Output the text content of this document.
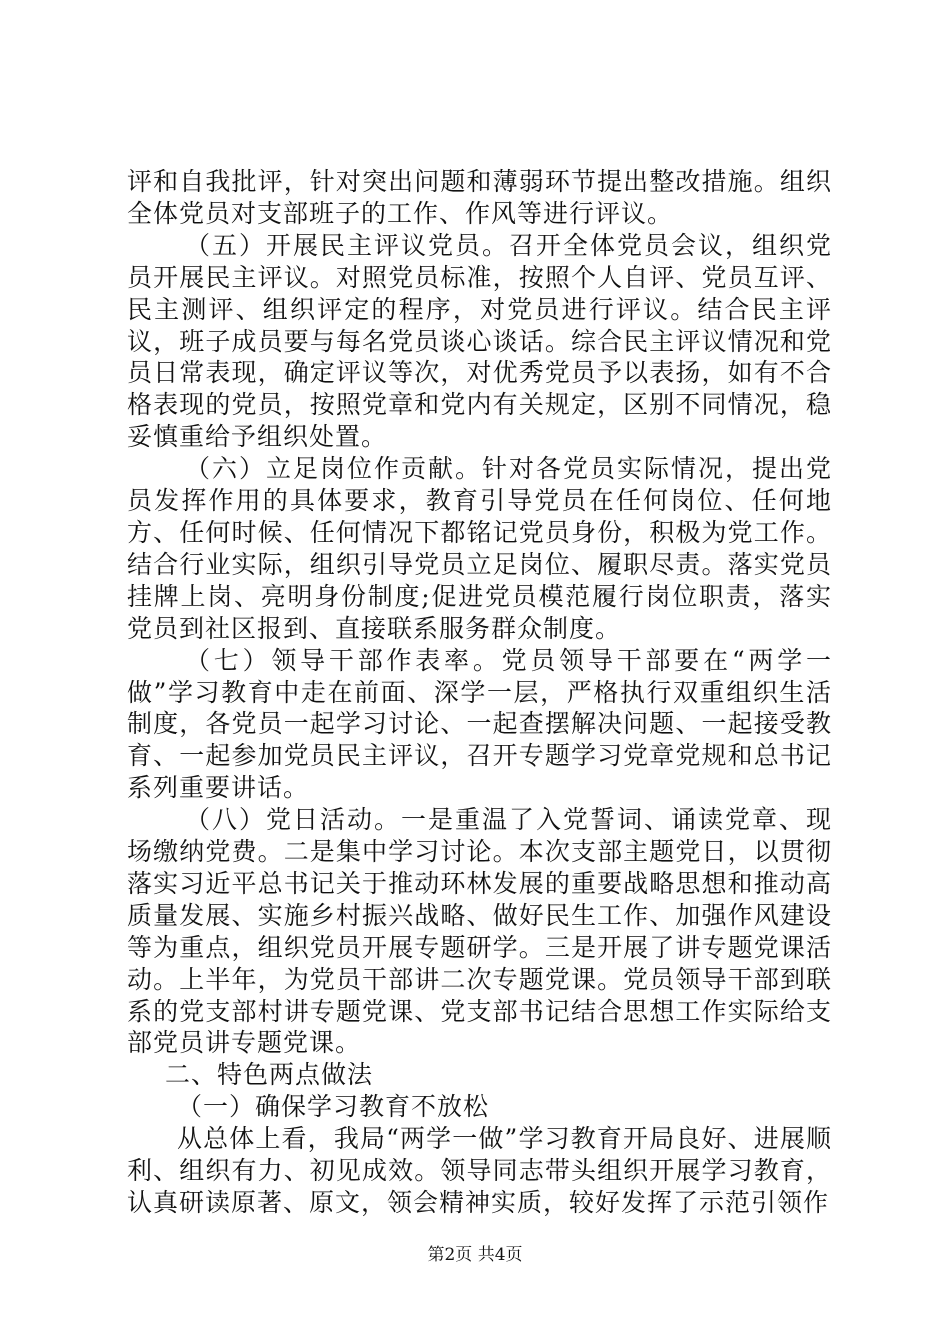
评和自我批评，针对突出问题和薄弱环节提出整改措施。组织全体党员对支部班子的工作、作风等进行评议。

（五）开展民主评议党员。召开全体党员会议，组织党员开展民主评议。对照党员标准，按照个人自评、党员互评、民主测评、组织评定的程序，对党员进行评议。结合民主评议，班子成员要与每名党员谈心谈话。综合民主评议情况和党员日常表现，确定评议等次，对优秀党员予以表扬，如有不合格表现的党员，按照党章和党内有关规定，区别不同情况，稳妥慎重给予组织处置。

（六）立足岗位作贡献。针对各党员实际情况，提出党员发挥作用的具体要求，教育引导党员在任何岗位、任何地方、任何时候、任何情况下都铭记党员身份，积极为党工作。结合行业实际，组织引导党员立足岗位、履职尽责。落实党员挂牌上岗、亮明身份制度;促进党员模范履行岗位职责，落实党员到社区报到、直接联系服务群众制度。

（七）领导干部作表率。党员领导干部要在“两学一做”学习教育中走在前面、深学一层，严格执行双重组织生活制度，各党员一起学习讨论、一起查摆解决问题、一起接受教育、一起参加党员民主评议，召开专题学习党章党规和总书记系列重要讲话。

（八）党日活动。一是重温了入党誓词、诵读党章、现场缴纳党费。二是集中学习讨论。本次支部主题党日，以贯彻落实习近平总书记关于推动环林发展的重要战略思想和推动高质量发展、实施乡村振兴战略、做好民生工作、加强作风建设等为重点，组织党员开展专题研学。三是开展了讲专题党课活动。上半年，为党员干部讲二次专题党课。党员领导干部到联系的党支部村讲专题党课、党支部书记结合思想工作实际给支部党员讲专题党课。

二、特色两点做法

（一）确保学习教育不放松

从总体上看，我局“两学一做”学习教育开局良好、进展顺利、组织有力、初见成效。领导同志带头组织开展学习教育，认真研读原著、原文，领会精神实质，较好发挥了示范引领作

第2页 共4页
